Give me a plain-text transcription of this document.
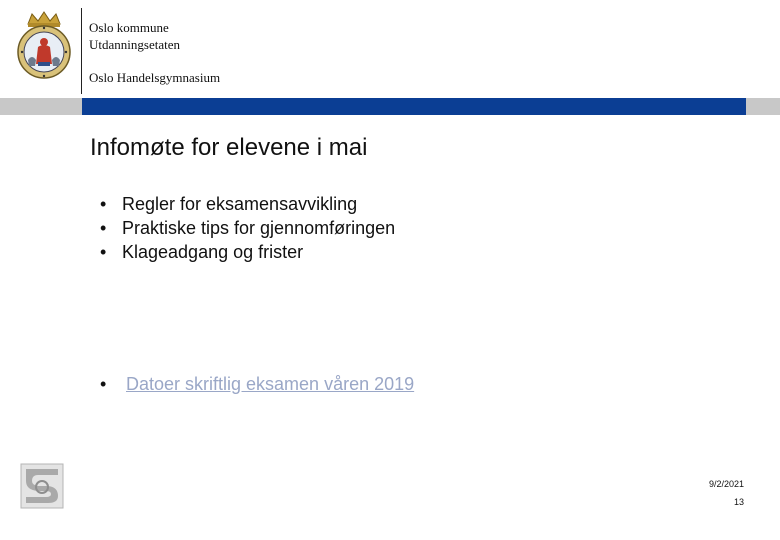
Oslo kommune
Utdanningsetaten
Oslo Handelsgymnasium
Infomøte for elevene i mai
• Regler for eksamensavvikling
• Praktiske tips for gjennomføringen
• Klageadgang og frister
• Datoer skriftlig eksamen våren 2019
9/2/2021
13
